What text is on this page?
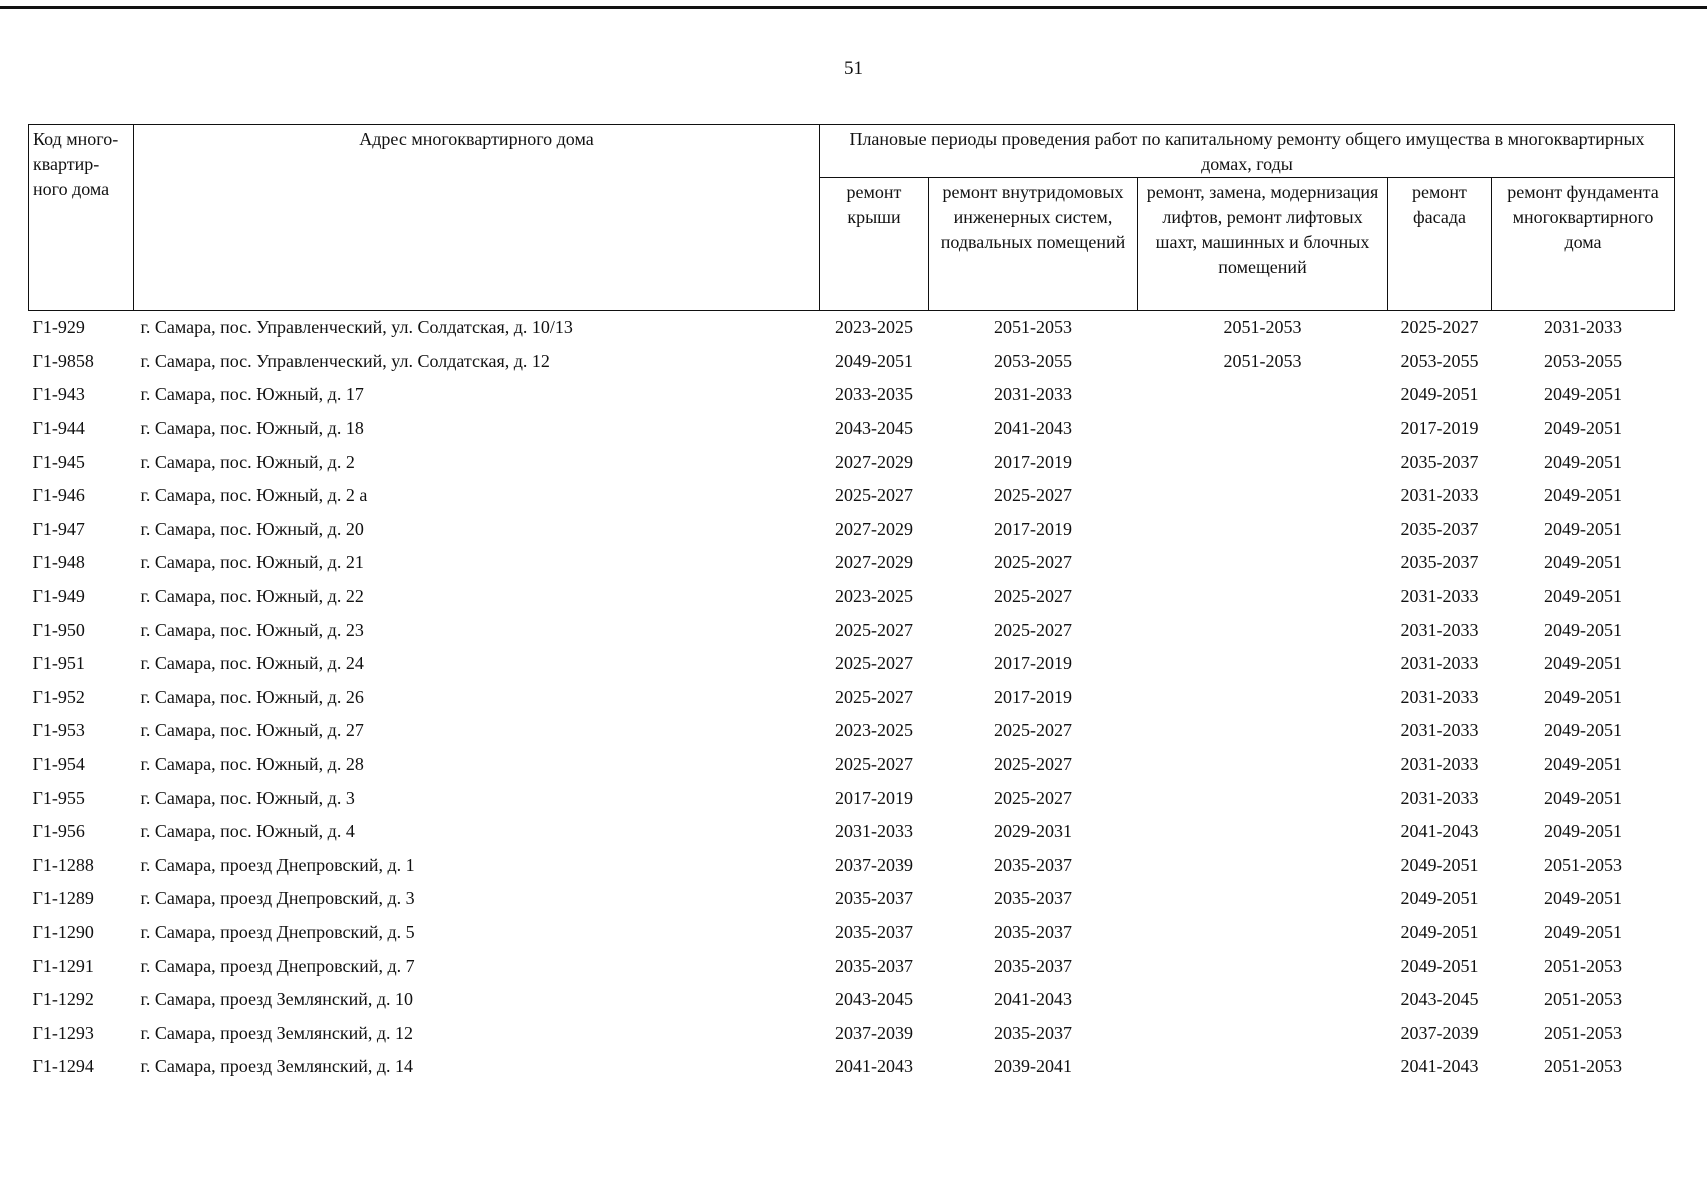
51
Код много-квартир-ного дома	Адрес многоквартирного дома	Плановые периоды проведения работ по капитальному ремонту общего имущества в многоквартирных домах, годы				
		ремонт крыши	ремонт внутридомовых инженерных систем, подвальных помещений	ремонт, замена, модернизация лифтов, ремонт лифтовых шахт, машинных и блочных помещений	ремонт фасада	ремонт фундамента многоквартирного дома
Г1-929	г. Самара, пос. Управленческий, ул. Солдатская, д. 10/13	2023-2025	2051-2053	2051-2053	2025-2027	2031-2033
Г1-9858	г. Самара, пос. Управленческий, ул. Солдатская, д. 12	2049-2051	2053-2055	2051-2053	2053-2055	2053-2055
Г1-943	г. Самара, пос. Южный, д. 17	2033-2035	2031-2033		2049-2051	2049-2051
Г1-944	г. Самара, пос. Южный, д. 18	2043-2045	2041-2043		2017-2019	2049-2051
Г1-945	г. Самара, пос. Южный, д. 2	2027-2029	2017-2019		2035-2037	2049-2051
Г1-946	г. Самара, пос. Южный, д. 2 а	2025-2027	2025-2027		2031-2033	2049-2051
Г1-947	г. Самара, пос. Южный, д. 20	2027-2029	2017-2019		2035-2037	2049-2051
Г1-948	г. Самара, пос. Южный, д. 21	2027-2029	2025-2027		2035-2037	2049-2051
Г1-949	г. Самара, пос. Южный, д. 22	2023-2025	2025-2027		2031-2033	2049-2051
Г1-950	г. Самара, пос. Южный, д. 23	2025-2027	2025-2027		2031-2033	2049-2051
Г1-951	г. Самара, пос. Южный, д. 24	2025-2027	2017-2019		2031-2033	2049-2051
Г1-952	г. Самара, пос. Южный, д. 26	2025-2027	2017-2019		2031-2033	2049-2051
Г1-953	г. Самара, пос. Южный, д. 27	2023-2025	2025-2027		2031-2033	2049-2051
Г1-954	г. Самара, пос. Южный, д. 28	2025-2027	2025-2027		2031-2033	2049-2051
Г1-955	г. Самара, пос. Южный, д. 3	2017-2019	2025-2027		2031-2033	2049-2051
Г1-956	г. Самара, пос. Южный, д. 4	2031-2033	2029-2031		2041-2043	2049-2051
Г1-1288	г. Самара, проезд Днепровский, д. 1	2037-2039	2035-2037		2049-2051	2051-2053
Г1-1289	г. Самара, проезд Днепровский, д. 3	2035-2037	2035-2037		2049-2051	2049-2051
Г1-1290	г. Самара, проезд Днепровский, д. 5	2035-2037	2035-2037		2049-2051	2049-2051
Г1-1291	г. Самара, проезд Днепровский, д. 7	2035-2037	2035-2037		2049-2051	2051-2053
Г1-1292	г. Самара, проезд Землянский, д. 10	2043-2045	2041-2043		2043-2045	2051-2053
Г1-1293	г. Самара, проезд Землянский, д. 12	2037-2039	2035-2037		2037-2039	2051-2053
Г1-1294	г. Самара, проезд Землянский, д. 14	2041-2043	2039-2041		2041-2043	2051-2053
